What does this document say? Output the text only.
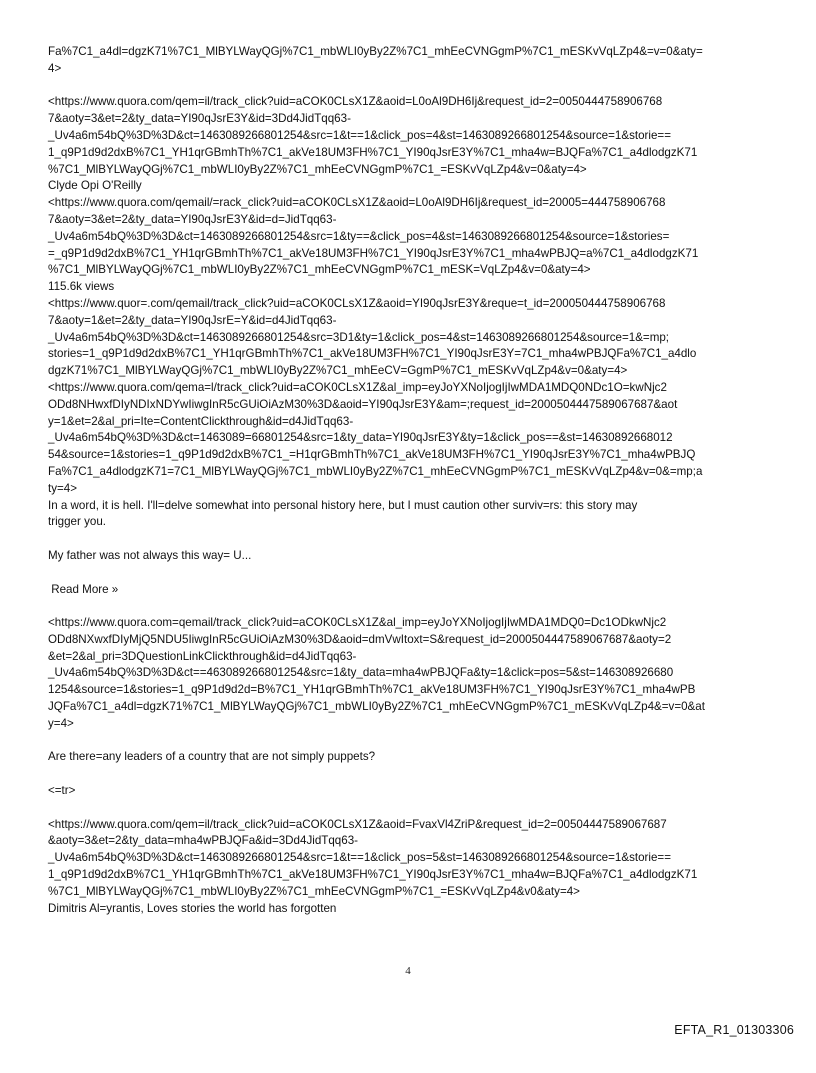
Fa%7C1_a4dl=dgzK71%7C1_MlBYLWayQGj%7C1_mbWLI0yBy2Z%7C1_mhEeCVNGgmP%7C1_mESKvVqLZp4&=v=0&aty=
4>
<https://www.quora.com/qem=il/track_click?uid=aCOK0CLsX1Z&aoid=L0oAl9DH6Ij&request_id=2=0050444758906768
7&aoty=3&et=2&ty_data=YI90qJsrE3Y&id=3Dd4JidTqq63-
_Uv4a6m54bQ%3D%3D&ct=1463089266801254&src=1&t==1&click_pos=4&st=1463089266801254&source=1&storie==
1_q9P1d9d2dxB%7C1_YH1qrGBmhTh%7C1_akVe18UM3FH%7C1_YI90qJsrE3Y%7C1_mha4w=BJQFa%7C1_a4dlodgzK71
%7C1_MlBYLWayQGj%7C1_mbWLI0yBy2Z%7C1_mhEeCVNGgmP%7C1_=ESKvVqLZp4&v=0&aty=4>
Clyde Opi O'Reilly
<https://www.quora.com/qemail/=rack_click?uid=aCOK0CLsX1Z&aoid=L0oAl9DH6Ij&request_id=20005=444758906768
7&aoty=3&et=2&ty_data=YI90qJsrE3Y&id=d=JidTqq63-
_Uv4a6m54bQ%3D%3D&ct=1463089266801254&src=1&ty==&click_pos=4&st=1463089266801254&source=1&stories=
=_q9P1d9d2dxB%7C1_YH1qrGBmhTh%7C1_akVe18UM3FH%7C1_YI90qJsrE3Y%7C1_mha4wPBJQ=a%7C1_a4dlodgzK71
%7C1_MlBYLWayQGj%7C1_mbWLI0yBy2Z%7C1_mhEeCVNGgmP%7C1_mESK=VqLZp4&v=0&aty=4>
115.6k views
<https://www.quor=.com/qemail/track_click?uid=aCOK0CLsX1Z&aoid=YI90qJsrE3Y&reque=t_id=200050444758906768
7&aoty=1&et=2&ty_data=YI90qJsrE=Y&id=d4JidTqq63-
_Uv4a6m54bQ%3D%3D&ct=1463089266801254&src=3D1&ty=1&click_pos=4&st=1463089266801254&source=1&=mp;
stories=1_q9P1d9d2dxB%7C1_YH1qrGBmhTh%7C1_akVe18UM3FH%7C1_YI90qJsrE3Y=7C1_mha4wPBJQFa%7C1_a4dlo
dgzK71%7C1_MlBYLWayQGj%7C1_mbWLI0yBy2Z%7C1_mhEeCV=GgmP%7C1_mESKvVqLZp4&v=0&aty=4>
<https://www.quora.com/qema=l/track_click?uid=aCOK0CLsX1Z&al_imp=eyJoYXNoIjogIjIwMDA1MDQ0NDc1O=kwNjc2
ODd8NHwxfDIyNDIxNDYwIiwgInR5cGUiOiAzM30%3D&aoid=YI90qJsrE3Y&am=;request_id=2000504447589067687&aot
y=1&et=2&al_pri=Ite=ContentClickthrough&id=d4JidTqq63-
_Uv4a6m54bQ%3D%3D&ct=1463089=66801254&src=1&ty_data=YI90qJsrE3Y&ty=1&click_pos==&st=14630892668012
54&source=1&stories=1_q9P1d9d2dxB%7C1_=H1qrGBmhTh%7C1_akVe18UM3FH%7C1_YI90qJsrE3Y%7C1_mha4wPBJQ
Fa%7C1_a4dlodgzK71=7C1_MlBYLWayQGj%7C1_mbWLI0yBy2Z%7C1_mhEeCVNGgmP%7C1_mESKvVqLZp4&v=0&=mp;a
ty=4>
In a word, it is hell. I'll=delve somewhat into personal history here, but I must caution other surviv=rs: this story may
trigger you.
My father was not always this way= U...
Read More »
<https://www.quora.com=qemail/track_click?uid=aCOK0CLsX1Z&al_imp=eyJoYXNoIjogIjIwMDA1MDQ0=Dc1ODkwNjc2
ODd8NXwxfDIyMjQ5NDU5IiwgInR5cGUiOiAzM30%3D&aoid=dmVwItoxt=S&request_id=2000504447589067687&aoty=2
&et=2&al_pri=3DQuestionLinkClickthrough&id=d4JidTqq63-
_Uv4a6m54bQ%3D%3D&ct==463089266801254&src=1&ty_data=mha4wPBJQFa&ty=1&click=pos=5&st=146308926680
1254&source=1&stories=1_q9P1d9d2d=B%7C1_YH1qrGBmhTh%7C1_akVe18UM3FH%7C1_YI90qJsrE3Y%7C1_mha4wPB
JQFa%7C1_a4dl=dgzK71%7C1_MlBYLWayQGj%7C1_mbWLI0yBy2Z%7C1_mhEeCVNGgmP%7C1_mESKvVqLZp4&=v=0&at
y=4>
Are there=any leaders of a country that are not simply puppets?
<=tr>
<https://www.quora.com/qem=il/track_click?uid=aCOK0CLsX1Z&aoid=FvaxVl4ZriP&request_id=2=00504447589067687
&aoty=3&et=2&ty_data=mha4wPBJQFa&id=3Dd4JidTqq63-
_Uv4a6m54bQ%3D%3D&ct=1463089266801254&src=1&t==1&click_pos=5&st=1463089266801254&source=1&storie==
1_q9P1d9d2dxB%7C1_YH1qrGBmhTh%7C1_akVe18UM3FH%7C1_YI90qJsrE3Y%7C1_mha4w=BJQFa%7C1_a4dlodgzK71
%7C1_MlBYLWayQGj%7C1_mbWLI0yBy2Z%7C1_mhEeCVNGgmP%7C1_=ESKvVqLZp4&v0&aty=4>
Dimitris Al=yrantis, Loves stories the world has forgotten
4
EFTA_R1_01303306
